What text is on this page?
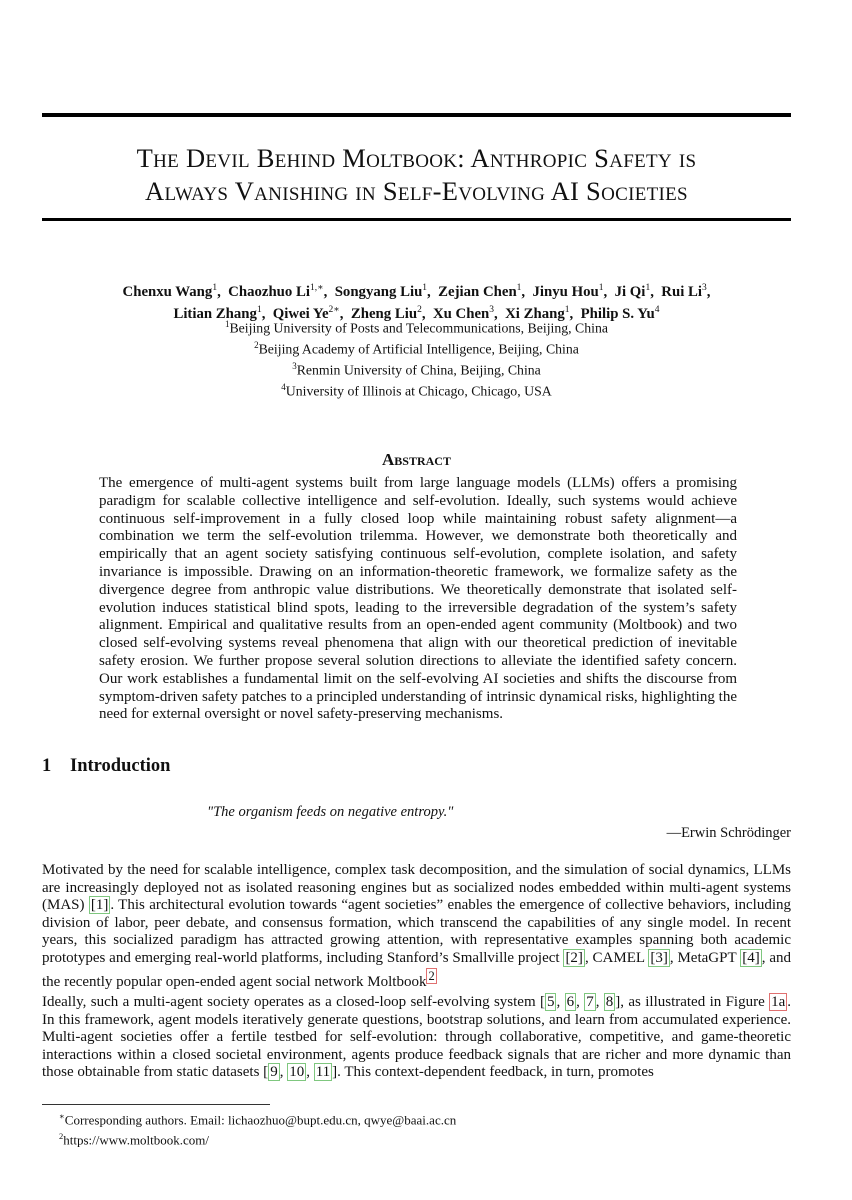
The Devil Behind Moltbook: Anthropic Safety is
Always Vanishing in Self-Evolving AI Societies
Chenxu Wang$^1$,  Chaozhuo $Li^{1,∗}$,  Songyang Liu$^1$,  Zejian Chen$^1$,  Jinyu Hou$^1$,  Ji Qi$^1$,  Rui Li$^3$,
Litian Zhang$^1$,  Qiwei $Ye^{2∗}$,  Zheng Liu$^2$,  Xu Chen$^3$,  Xi Zhang$^1$,  Philip S. Yu$^4$
$^1$Beijing University of Posts and Telecommunications, Beijing, China
$^2$Beijing Academy of Artificial Intelligence, Beijing, China
$^3$Renmin University of China, Beijing, China
$^4$University of Illinois at Chicago, Chicago, USA
Abstract
The emergence of multi-agent systems built from large language models (LLMs) offers a promising paradigm for scalable collective intelligence and self-evolution. Ideally, such systems would achieve continuous self-improvement in a fully closed loop while maintaining robust safety alignment—a combination we term the self-evolution trilemma. However, we demonstrate both theoretically and empirically that an agent society satisfying continuous self-evolution, complete isolation, and safety invariance is impossible. Drawing on an information-theoretic framework, we formalize safety as the divergence degree from anthropic value distributions. We theoretically demonstrate that isolated self-evolution induces statistical blind spots, leading to the irreversible degradation of the system’s safety alignment. Empirical and qualitative results from an open-ended agent community (Moltbook) and two closed self-evolving systems reveal phenomena that align with our theoretical prediction of inevitable safety erosion. We further propose several solution directions to alleviate the identified safety concern. Our work establishes a fundamental limit on the self-evolving AI societies and shifts the discourse from symptom-driven safety patches to a principled understanding of intrinsic dynamical risks, highlighting the need for external oversight or novel safety-preserving mechanisms.
1 Introduction
"The organism feeds on negative entropy."
—Erwin Schrödinger
Motivated by the need for scalable intelligence, complex task decomposition, and the simulation of social dynamics, LLMs are increasingly deployed not as isolated reasoning engines but as socialized nodes embedded within multi-agent systems (MAS) [1] . This architectural evolution towards “agent societies” enables the emergence of collective behaviors, including division of labor, peer debate, and consensus formation, which transcend the capabilities of any single model. In recent years, this socialized paradigm has attracted growing attention, with representative examples spanning both academic prototypes and emerging real-world platforms, including Stanford’s Smallville project [2] , CAMEL [3] , MetaGPT [4] , and the recently popular open-ended agent social network Moltbook $^2$
Ideally, such a multi-agent society operates as a closed-loop self-evolving system [ 5 , 6 , 7 , 8 ], as illustrated in Figure 1a . In this framework, agent models iteratively generate questions, bootstrap solutions, and learn from accumulated experience. Multi-agent societies offer a fertile testbed for self-evolution: through collaborative, competitive, and game-theoretic interactions within a closed societal environment, agents produce feedback signals that are richer and more dynamic than those obtainable from static datasets [ 9 , 10 , 11 ]. This context-dependent feedback, in turn, promotes
∗Corresponding authors. Email: lichaozhuo@bupt.edu.cn, qwye@baai.ac.cn
$^2$https://www.moltbook.com/
